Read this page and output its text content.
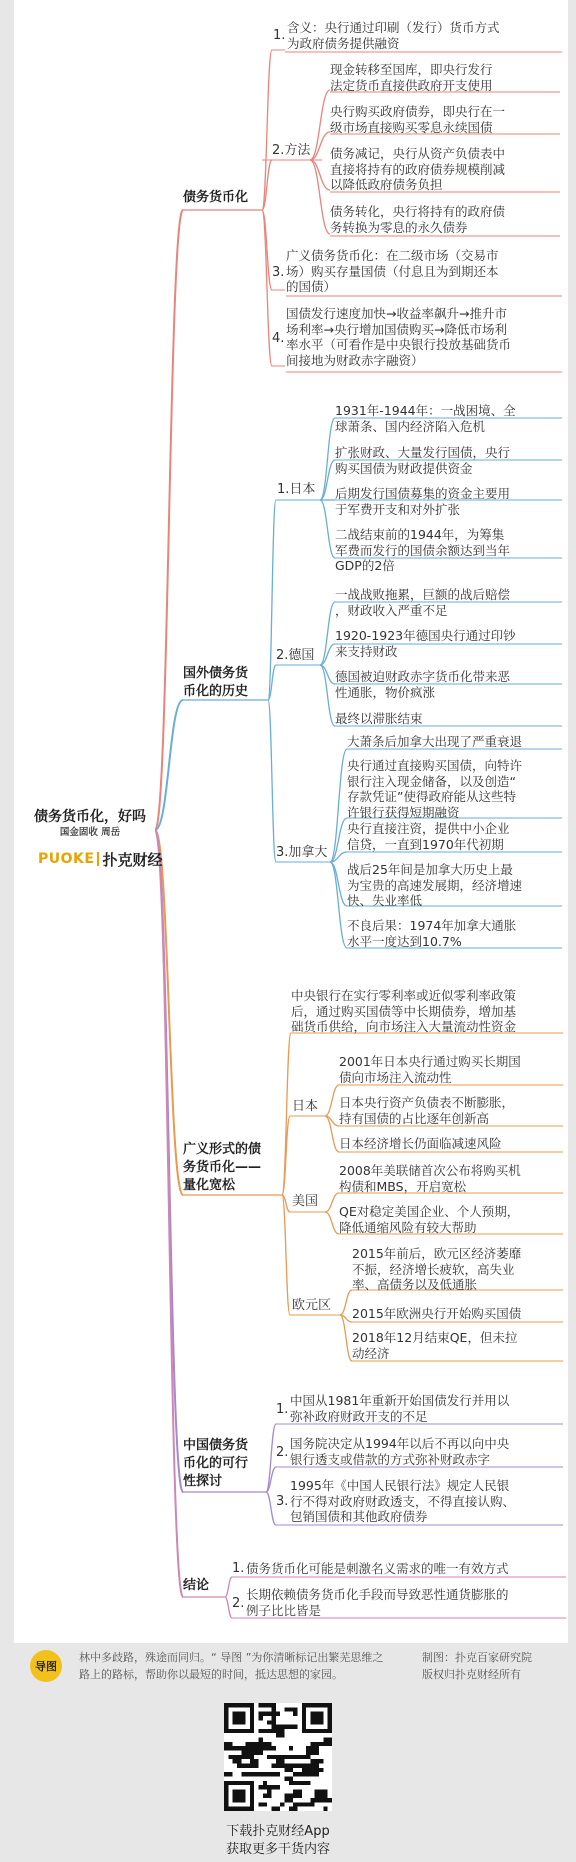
债务货币化，好吗
国金固收 周岳
PUOKE 扑克财经
债务货币化
1.
含义：央行通过印刷（发行）货币方式
为政府债务提供融资
2.方法
现金转移至国库，即央行发行
法定货币直接供政府开支使用
央行购买政府债券，即央行在一
级市场直接购买零息永续国债
债务减记，央行从资产负债表中
直接将持有的政府债券规模削减
以降低政府债务负担
债务转化，央行将持有的政府债
务转换为零息的永久债券
3.
广义债务货币化：在二级市场（交易市
场）购买存量国债（付息且为到期还本
的国债）
4.
国债发行速度加快→收益率飙升→推升市
场利率→央行增加国债购买→降低市场利
率水平（可看作是中央银行投放基础货币
间接地为财政赤字融资）
国外债务货
币化的历史
1.日本
1931年-1944年：一战困境、全
球萧条、国内经济陷入危机
扩张财政、大量发行国债，央行
购买国债为财政提供资金
后期发行国债募集的资金主要用
于军费开支和对外扩张
二战结束前的1944年，为筹集
军费而发行的国债余额达到当年
GDP的2倍
2.德国
一战战败拖累，巨额的战后赔偿
，财政收入严重不足
1920-1923年德国央行通过印钞
来支持财政
德国被迫财政赤字货币化带来恶
性通胀，物价疯涨
最终以滞胀结束
3.加拿大
大萧条后加拿大出现了严重衰退
央行通过直接购买国债，向特许
银行注入现金储备，以及创造“
存款凭证”使得政府能从这些特
许银行获得短期融资
央行直接注资，提供中小企业
信贷，一直到1970年代初期
战后25年间是加拿大历史上最
为宝贵的高速发展期，经济增速
快、失业率低
不良后果：1974年加拿大通胀
水平一度达到10.7%
广义形式的债
务货币化——
量化宽松
中央银行在实行零利率或近似零利率政策
后，通过购买国债等中长期债券，增加基
础货币供给，向市场注入大量流动性资金
日本
2001年日本央行通过购买长期国
债向市场注入流动性
日本央行资产负债表不断膨胀，
持有国债的占比逐年创新高
日本经济增长仍面临减速风险
美国
2008年美联储首次公布将购买机
构债和MBS，开启宽松
QE对稳定美国企业、个人预期，
降低通缩风险有较大帮助
欧元区
2015年前后，欧元区经济萎靡
不振，经济增长疲软，高失业
率、高债务以及低通胀
2015年欧洲央行开始购买国债
2018年12月结束QE，但未拉
动经济
中国债务货
币化的可行
性探讨
1.
中国从1981年重新开始国债发行并用以
弥补政府财政开支的不足
2.
国务院决定从1994年以后不再以向中央
银行透支或借款的方式弥补财政赤字
3.
1995年《中国人民银行法》规定人民银
行不得对政府财政透支，不得直接认购、
包销国债和其他政府债券
结论
1. 债务货币化可能是刺激名义需求的唯一有效方式
2.
长期依赖债务货币化手段而导致恶性通货膨胀的
例子比比皆是
导图
林中多歧路，殊途而同归。“ 导图 ”为你清晰标记出繁芜思维之路上的路标，帮助你以最短的时间，抵达思想的家园。
制图：扑克百家研究院
版权归扑克财经所有
下载扑克财经App
获取更多干货内容
